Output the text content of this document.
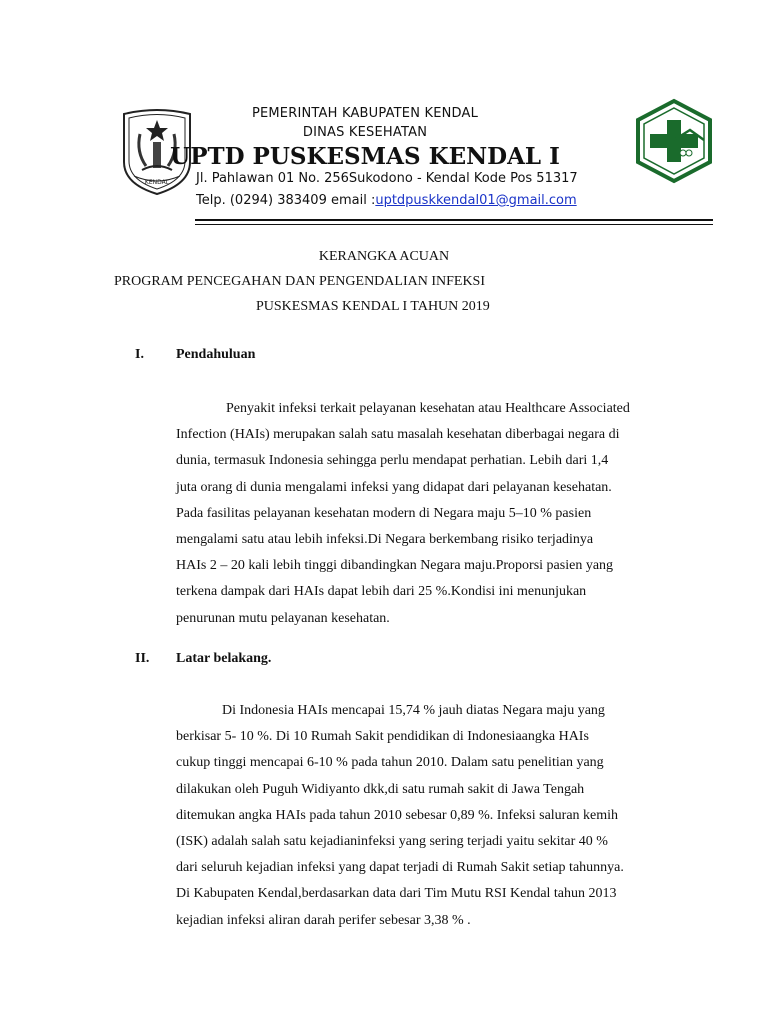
KENDAL
PEMERINTAH KABUPATEN KENDAL
DINAS KESEHATAN
UPTD PUSKESMAS KENDAL I
Jl. Pahlawan 01 No. 256Sukodono - Kendal Kode Pos 51317
Telp. (0294) 383409 email :uptdpuskkendal01@gmail.com
KERANGKA ACUAN
PROGRAM PENCEGAHAN DAN PENGENDALIAN INFEKSI
PUSKESMAS KENDAL I TAHUN 2019
I. Pendahuluan
Penyakit infeksi terkait pelayanan kesehatan atau Healthcare Associated
Infection (HAIs) merupakan salah satu masalah kesehatan diberbagai negara di
dunia, termasuk Indonesia sehingga perlu mendapat perhatian. Lebih dari 1,4
juta orang di dunia mengalami infeksi yang didapat dari pelayanan kesehatan.
Pada fasilitas pelayanan kesehatan modern di Negara maju 5–10 % pasien
mengalami satu atau lebih infeksi.Di Negara berkembang risiko terjadinya
HAIs 2 – 20 kali lebih tinggi dibandingkan Negara maju.Proporsi pasien yang
terkena dampak dari HAIs dapat lebih dari 25 %.Kondisi ini menunjukan
penurunan mutu pelayanan kesehatan.
II. Latar belakang.
Di Indonesia HAIs mencapai 15,74 % jauh diatas Negara maju yang
berkisar 5- 10 %. Di 10 Rumah Sakit pendidikan di Indonesiaangka HAIs
cukup tinggi mencapai 6-10 % pada tahun 2010. Dalam satu penelitian yang
dilakukan oleh Puguh Widiyanto dkk,di satu rumah sakit di Jawa Tengah
ditemukan angka HAIs pada tahun 2010 sebesar 0,89 %. Infeksi saluran kemih
(ISK) adalah salah satu kejadianinfeksi yang sering terjadi yaitu sekitar 40 %
dari seluruh kejadian infeksi yang dapat terjadi di Rumah Sakit setiap tahunnya.
Di Kabupaten Kendal,berdasarkan data dari Tim Mutu RSI Kendal tahun 2013
kejadian infeksi aliran darah perifer sebesar 3,38 % .
